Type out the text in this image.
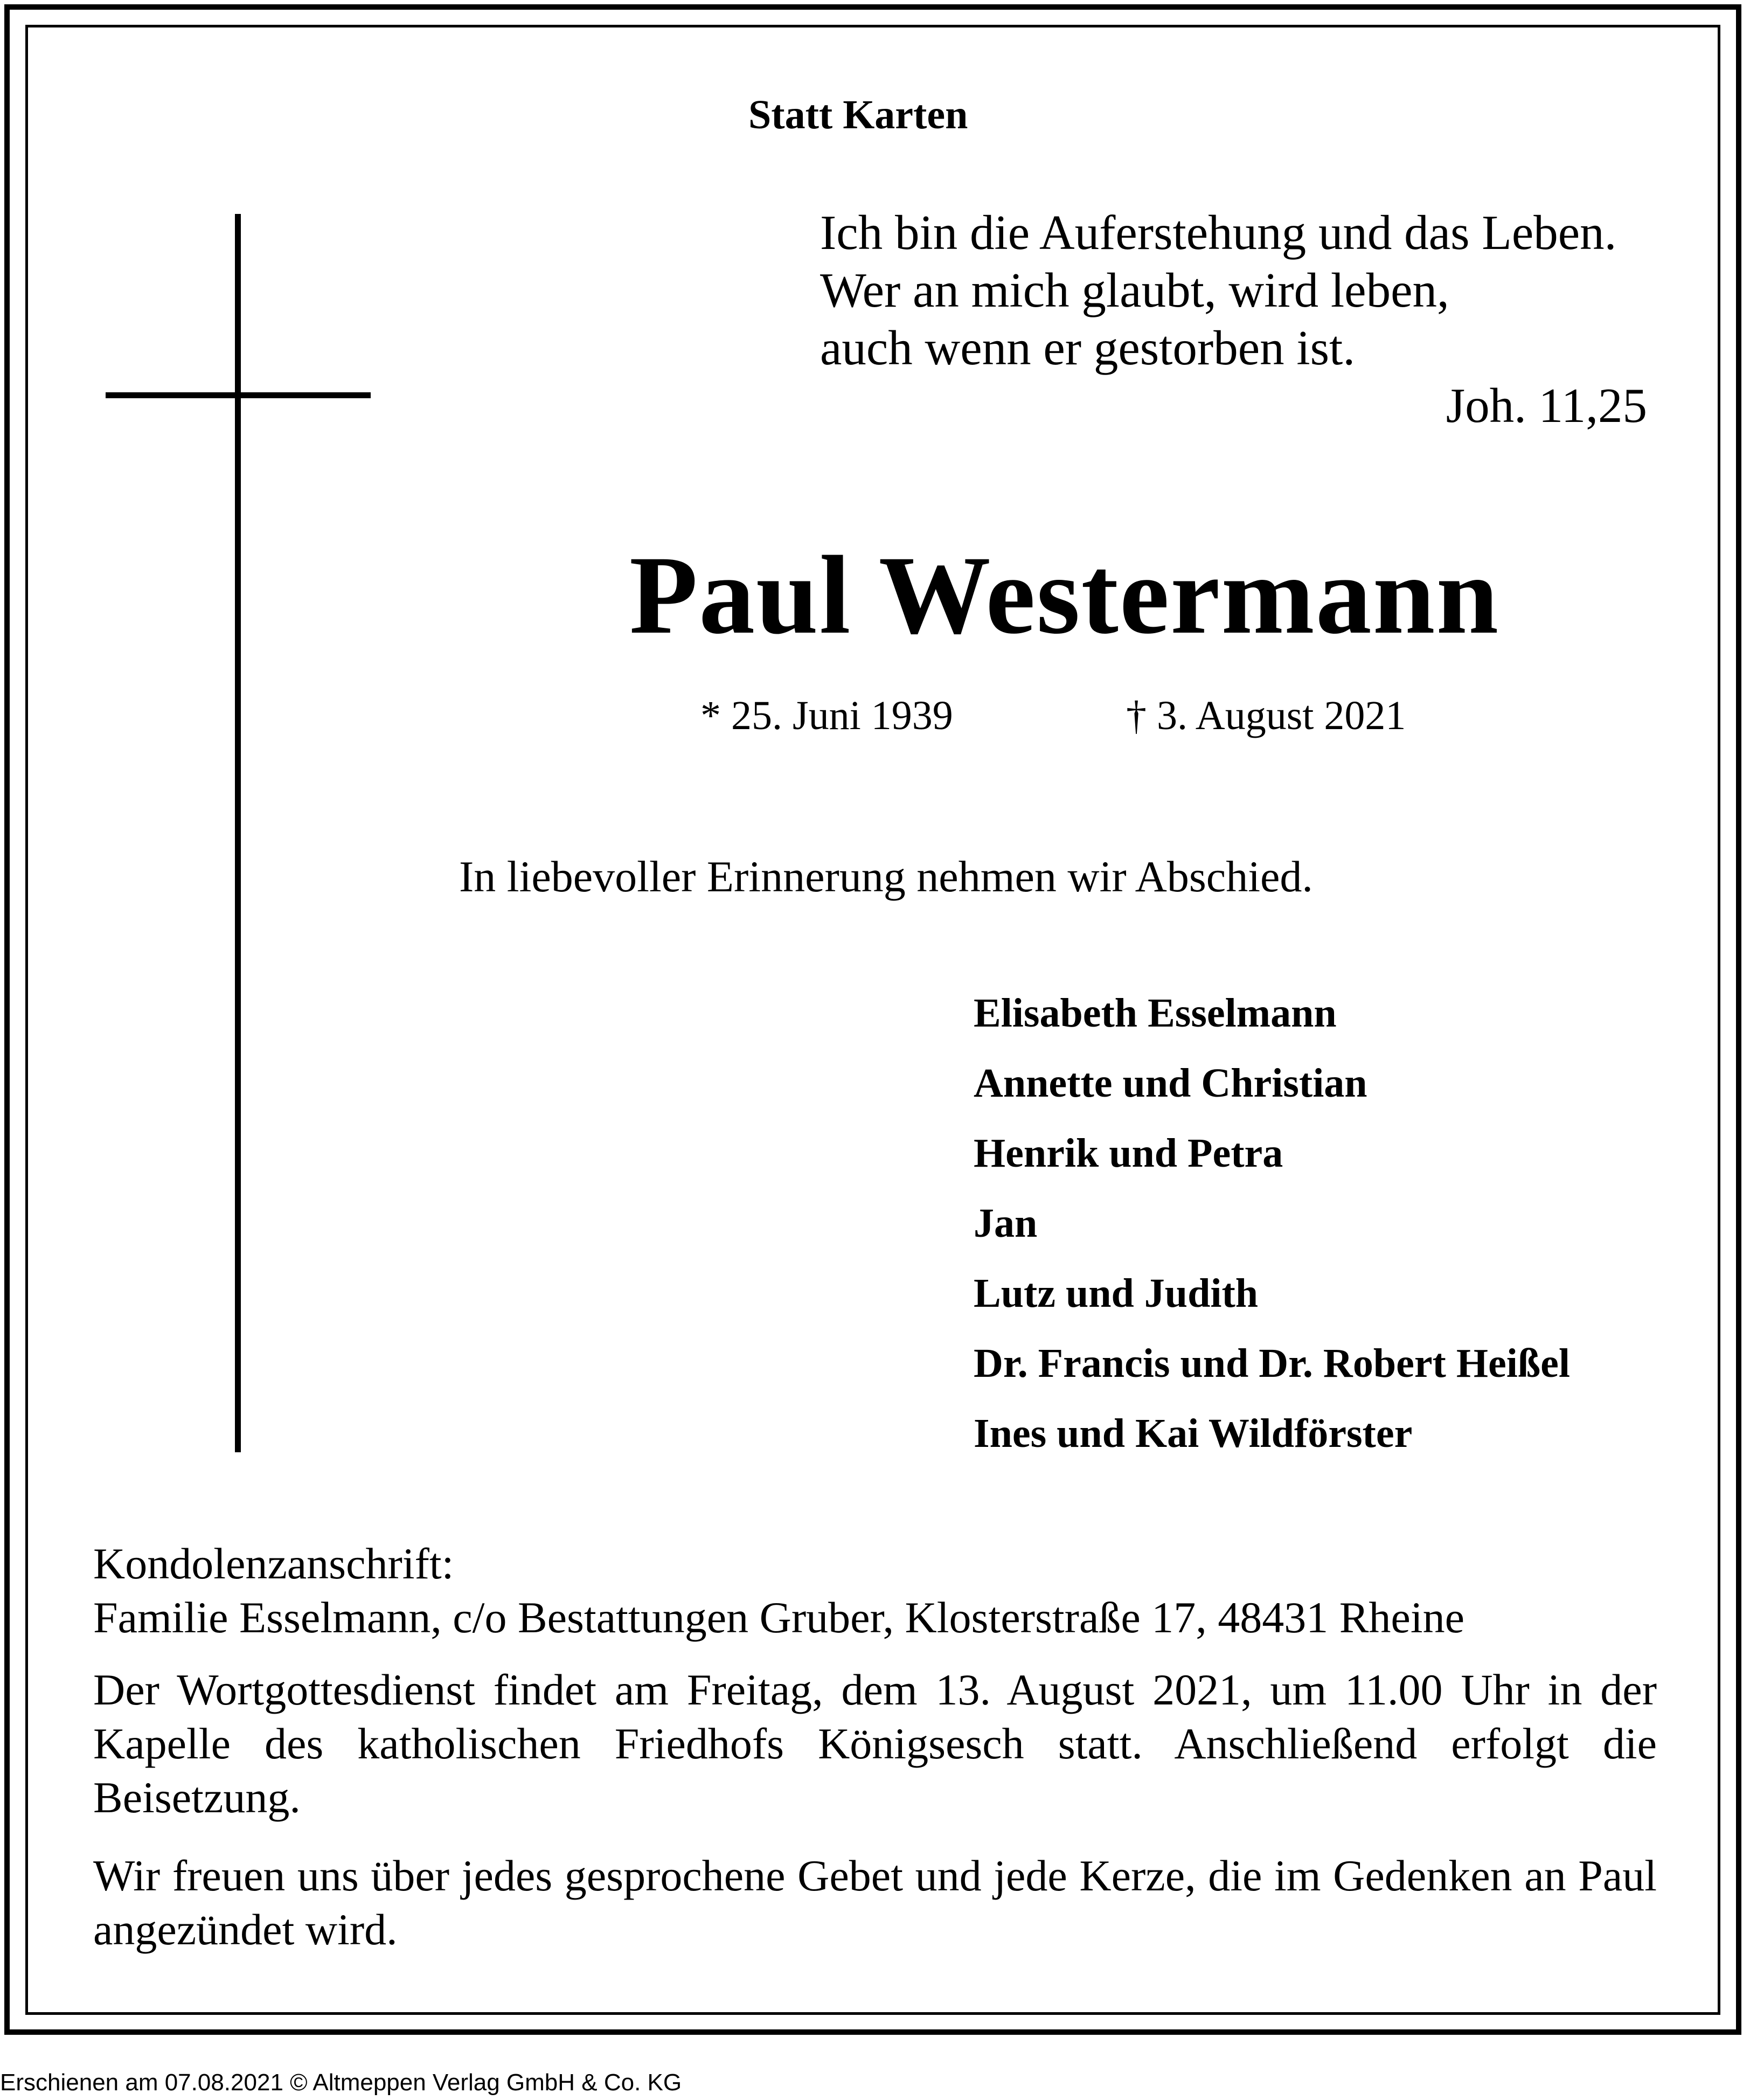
Statt Karten

Ich bin die Auferstehung und das Leben.
Wer an mich glaubt, wird leben,
auch wenn er gestorben ist.

Joh. 11,25

Paul Westermann

* 25. Juni 1939	† 3. August 2021

In liebevoller Erinnerung nehmen wir Abschied.

Elisabeth Esselmann
Annette und Christian
Henrik und Petra
Jan
Lutz und Judith
Dr. Francis und Dr. Robert Heißel
Ines und Kai Wildförster
Kondolenzanschrift:
Familie Esselmann, c/o Bestattungen Gruber, Klosterstraße 17, 48431 Rheine

Der Wortgottesdienst findet am Freitag, dem 13. August 2021, um 11.00 Uhr in der Kapelle des katholischen Friedhofs Königsesch statt. Anschließend erfolgt die Beisetzung.

Wir freuen uns über jedes gesprochene Gebet und jede Kerze, die im Gedenken an Paul angezündet wird.

Erschienen am 07.08.2021 © Altmeppen Verlag GmbH & Co. KG
